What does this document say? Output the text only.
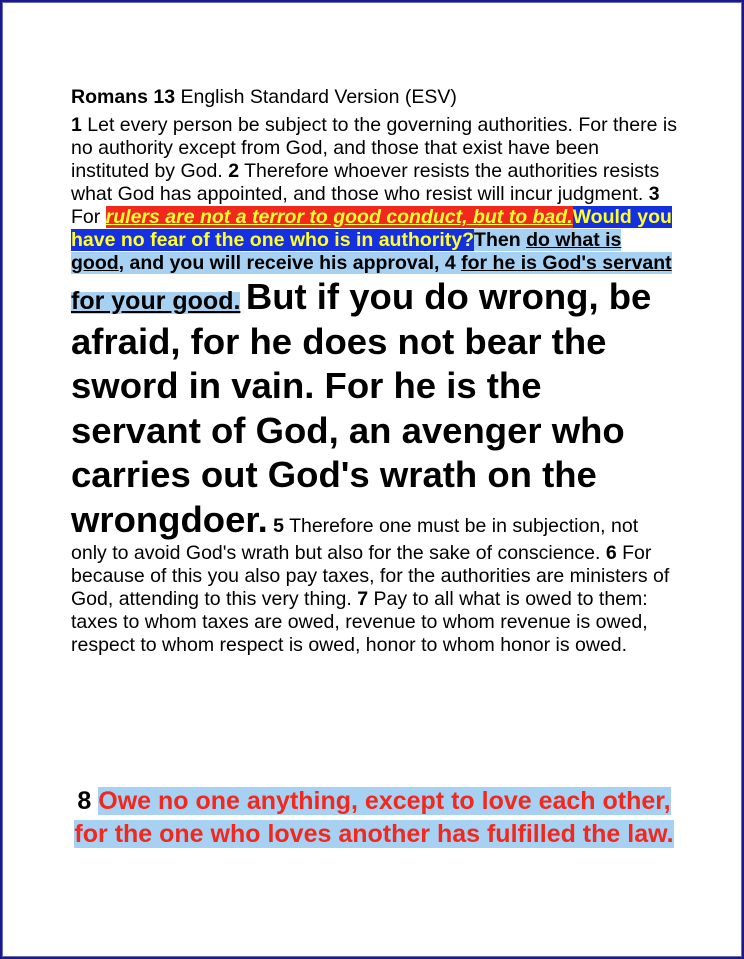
Romans 13 English Standard Version (ESV)

1 Let every person be subject to the governing authorities. For there is no authority except from God, and those that exist have been instituted by God. 2 Therefore whoever resists the authorities resists what God has appointed, and those who resist will incur judgment. 3 For rulers are not a terror to good conduct, but to bad.Would you have no fear of the one who is in authority?Then do what is good, and you will receive his approval, 4 for he is God's servant for your good. But if you do wrong, be afraid, for he does not bear the sword in vain. For he is the servant of God, an avenger who carries out God's wrath on the wrongdoer. 5 Therefore one must be in subjection, not only to avoid God's wrath but also for the sake of conscience. 6 For because of this you also pay taxes, for the authorities are ministers of God, attending to this very thing. 7 Pay to all what is owed to them: taxes to whom taxes are owed, revenue to whom revenue is owed, respect to whom respect is owed, honor to whom honor is owed.

8 Owe no one anything, except to love each other, for the one who loves another has fulfilled the law.
